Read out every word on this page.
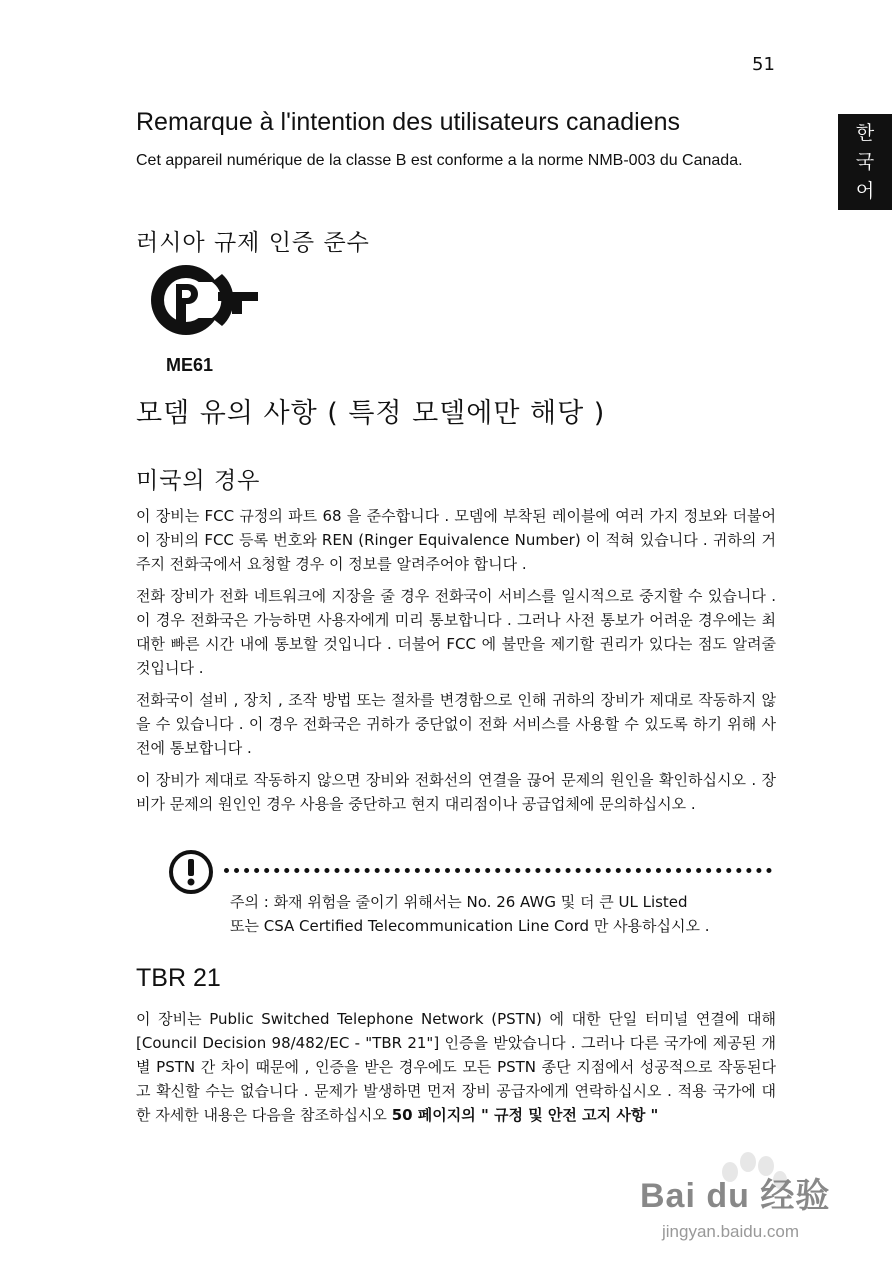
51
한
국
어
Remarque à l'intention des utilisateurs canadiens

Cet appareil numérique de la classe B est conforme a la norme NMB-003 du Canada.

러시아 규제 인증 준수
ME61
모뎀 유의 사항 ( 특정 모델에만 해당 )
미국의 경우

이 장비는 FCC 규정의 파트 68 을 준수합니다 . 모뎀에 부착된 레이블에 여러 가지 정보와 더불어 이 장비의 FCC 등록 번호와 REN (Ringer Equivalence Number) 이 적혀 있습니다 . 귀하의 거주지 전화국에서 요청할 경우 이 정보를 알려주어야 합니다 .

전화 장비가 전화 네트워크에 지장을 줄 경우 전화국이 서비스를 일시적으로 중지할 수 있습니다 . 이 경우 전화국은 가능하면 사용자에게 미리 통보합니다 . 그러나 사전 통보가 어려운 경우에는 최대한 빠른 시간 내에 통보할 것입니다 . 더불어 FCC 에 불만을 제기할 권리가 있다는 점도 알려줄 것입니다 .

전화국이 설비 , 장치 , 조작 방법 또는 절차를 변경함으로 인해 귀하의 장비가 제대로 작동하지 않을 수 있습니다 . 이 경우 전화국은 귀하가 중단없이 전화 서비스를 사용할 수 있도록 하기 위해 사전에 통보합니다 .

이 장비가 제대로 작동하지 않으면 장비와 전화선의 연결을 끊어 문제의 원인을 확인하십시오 . 장비가 문제의 원인인 경우 사용을 중단하고 현지 대리점이나 공급업체에 문의하십시오 .

주의 : 화재 위험을 줄이기 위해서는 No. 26 AWG 및 더 큰 UL Listed
또는 CSA Certified Telecommunication Line Cord 만 사용하십시오 .

TBR 21

이 장비는 Public Switched Telephone Network (PSTN) 에 대한 단일 터미널 연결에 대해 [Council Decision 98/482/EC - "TBR 21"] 인증을 받았습니다 . 그러나 다른 국가에 제공된 개별 PSTN 간 차이 때문에 , 인증을 받은 경우에도 모든 PSTN 종단 지점에서 성공적으로 작동된다고 확신할 수는 없습니다 . 문제가 발생하면 먼저 장비 공급자에게 연락하십시오 . 적용 국가에 대한 자세한 내용은 다음을 참조하십시오 50 페이지의 " 규정 및 안전 고지 사항 "

Bai du 经验
jingyan.baidu.com
